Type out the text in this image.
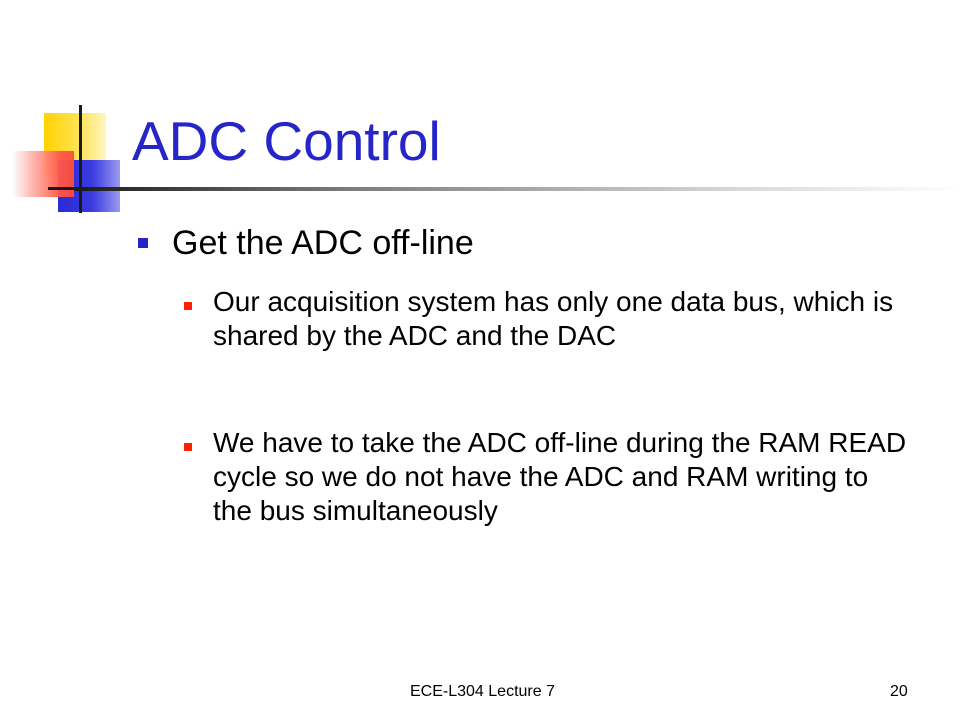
ADC Control

Get the ADC off-line

Our acquisition system has only one data bus, which is shared by the ADC and the DAC

We have to take the ADC off-line during the RAM READ cycle so we do not have the ADC and RAM writing to the bus simultaneously

ECE-L304 Lecture 7	20
